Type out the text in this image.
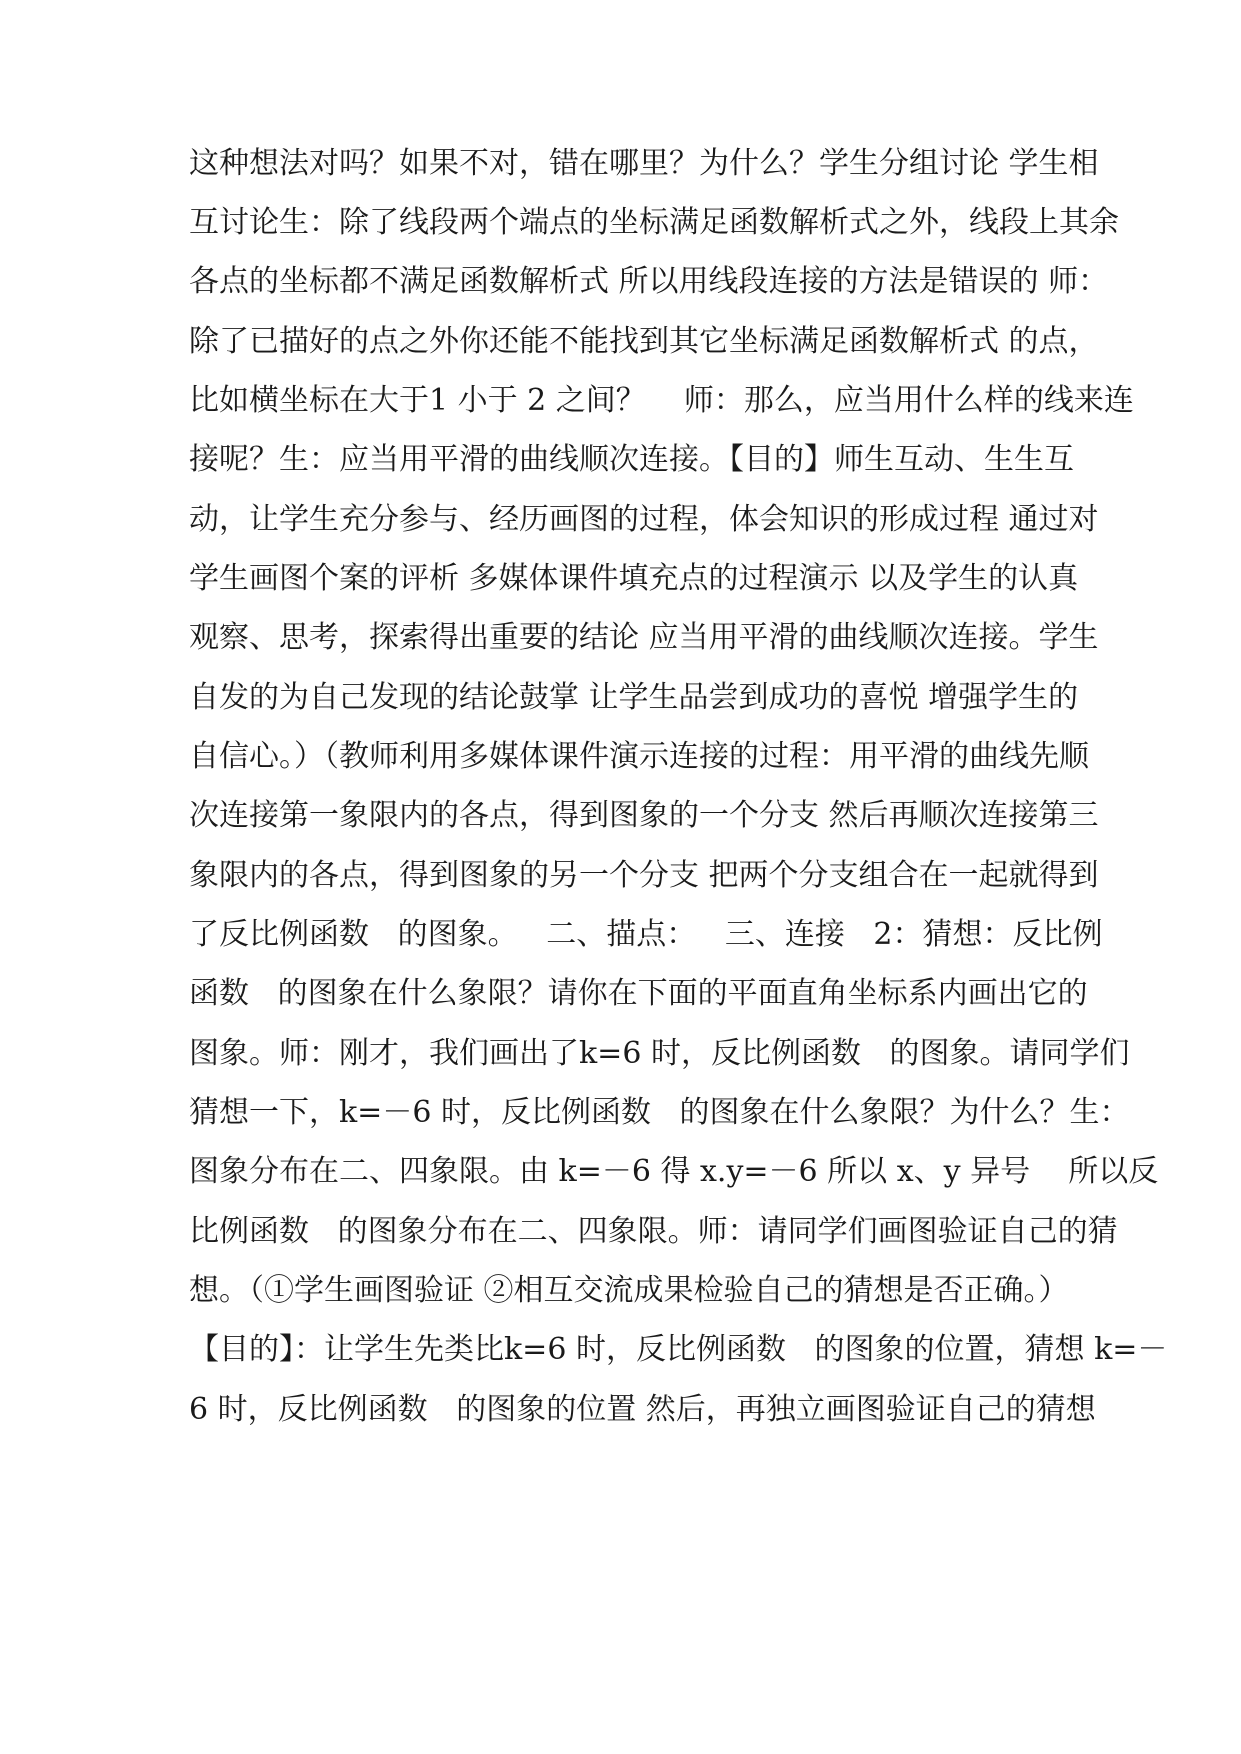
这种想法对吗？如果不对，错在哪里？为什么？学生分组讨论 学生相
互讨论生：除了线段两个端点的坐标满足函数解析式之外，线段上其余
各点的坐标都不满足函数解析式 所以用线段连接的方法是错误的 师：
除了已描好的点之外你还能不能找到其它坐标满足函数解析式 的点，
比如横坐标在大于1 小于 2 之间？    师：那么，应当用什么样的线来连
接呢？生：应当用平滑的曲线顺次连接。【目的】师生互动、生生互
动，让学生充分参与、经历画图的过程，体会知识的形成过程 通过对
学生画图个案的评析 多媒体课件填充点的过程演示 以及学生的认真
观察、思考，探索得出重要的结论 应当用平滑的曲线顺次连接。学生
自发的为自己发现的结论鼓掌 让学生品尝到成功的喜悦 增强学生的
自信心。）（教师利用多媒体课件演示连接的过程：用平滑的曲线先顺
次连接第一象限内的各点，得到图象的一个分支 然后再顺次连接第三
象限内的各点，得到图象的另一个分支 把两个分支组合在一起就得到
了反比例函数   的图象。   二、描点：   三、连接   2：猜想：反比例
函数   的图象在什么象限？请你在下面的平面直角坐标系内画出它的
图象。师：刚才，我们画出了k=6 时，反比例函数   的图象。请同学们
猜想一下，k=－6 时，反比例函数   的图象在什么象限？为什么？生：
图象分布在二、四象限。由 k=－6 得 x.y=－6 所以 x、y 异号    所以反
比例函数   的图象分布在二、四象限。师：请同学们画图验证自己的猜
想。（①学生画图验证 ②相互交流成果检验自己的猜想是否正确。）
【目的】：让学生先类比k=6 时，反比例函数   的图象的位置，猜想 k=－
6 时，反比例函数   的图象的位置 然后，再独立画图验证自己的猜想
